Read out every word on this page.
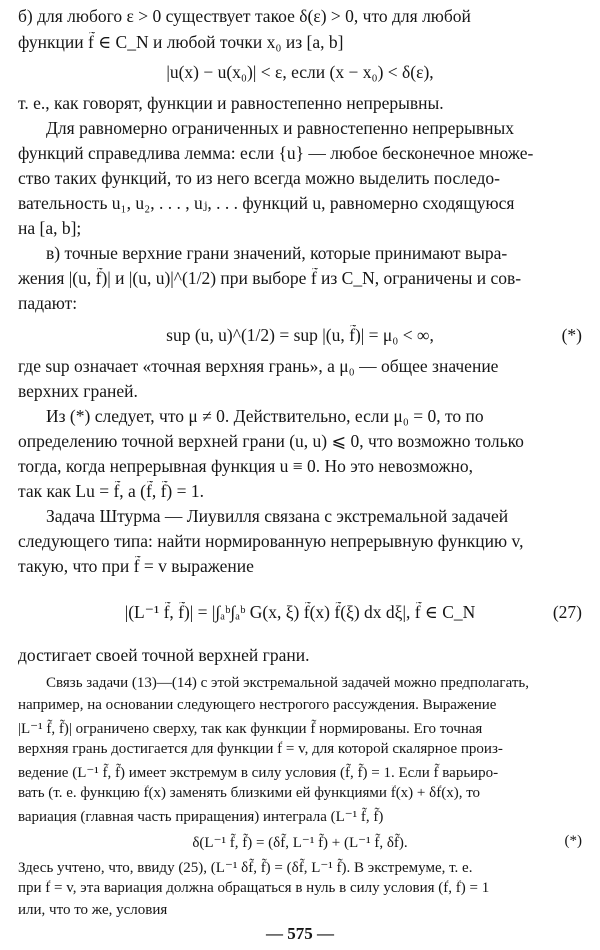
б) для любого ε > 0 существует такое δ(ε) > 0, что для любой
функции f̃ ∈ C_N и любой точки x₀ из [a, b]
|u(x) − u(x₀)| < ε, если (x − x₀) < δ(ε),
т. е., как говорят, функции и равностепенно непрерывны.
Для равномерно ограниченных и равностепенно непрерывных
функций справедлива лемма: если {u} — любое бесконечное множе-
ство таких функций, то из него всегда можно выделить последо-
вательность u₁, u₂, . . . , uⱼ, . . . функций u, равномерно сходящуюся
на [a, b];
в) точные верхние грани значений, которые принимают выра-
жения |(u, f̃)| и |(u, u)|^(1/2) при выборе f̃ из C_N, ограничены и сов-
падают:
sup (u, u)^(1/2) = sup |(u, f̃)| = μ₀ < ∞,	(*)
где sup означает «точная верхняя грань», а μ₀ — общее значение
верхних граней.
Из (*) следует, что μ ≠ 0. Действительно, если μ₀ = 0, то по
определению точной верхней грани (u, u) ⩽ 0, что возможно только
тогда, когда непрерывная функция u ≡ 0. Но это невозможно,
так как Lu = f̃, а (f̃, f̃) = 1.
Задача Штурма — Лиувилля связана с экстремальной задачей
следующего типа: найти нормированную непрерывную функцию v,
такую, что при f̃ = v выражение
|(L⁻¹ f̃, f̃)| = |∫ₐᵇ∫ₐᵇ G(x, ξ) f̃(x) f̃(ξ) dx dξ|, f̃ ∈ C_N	(27)
достигает своей точной верхней грани.
Связь задачи (13)—(14) с этой экстремальной задачей можно предполагать,
например, на основании следующего нестрогого рассуждения. Выражение
|L⁻¹ f̃, f̃)| ограничено сверху, так как функции f̃ нормированы. Его точная
верхняя грань достигается для функции f̃ = v, для которой скалярное произ-
ведение (L⁻¹ f̃, f̃) имеет экстремум в силу условия (f̃, f̃) = 1. Если f̃ варьиро-
вать (т. е. функцию f̃(x) заменять близкими ей функциями f̃(x) + δf̃(x), то
вариация (главная часть приращения) интеграла (L⁻¹ f̃, f̃)
δ(L⁻¹ f̃, f̃) = (δf̃, L⁻¹ f̃) + (L⁻¹ f̃, δf̃).	(*)
Здесь учтено, что, ввиду (25), (L⁻¹ δf̃, f̃) = (δf̃, L⁻¹ f̃). В экстремуме, т. е.
при f̃ = v, эта вариация должна обращаться в нуль в силу условия (f̃, f̃) = 1
или, что то же, условия
— 575 —
